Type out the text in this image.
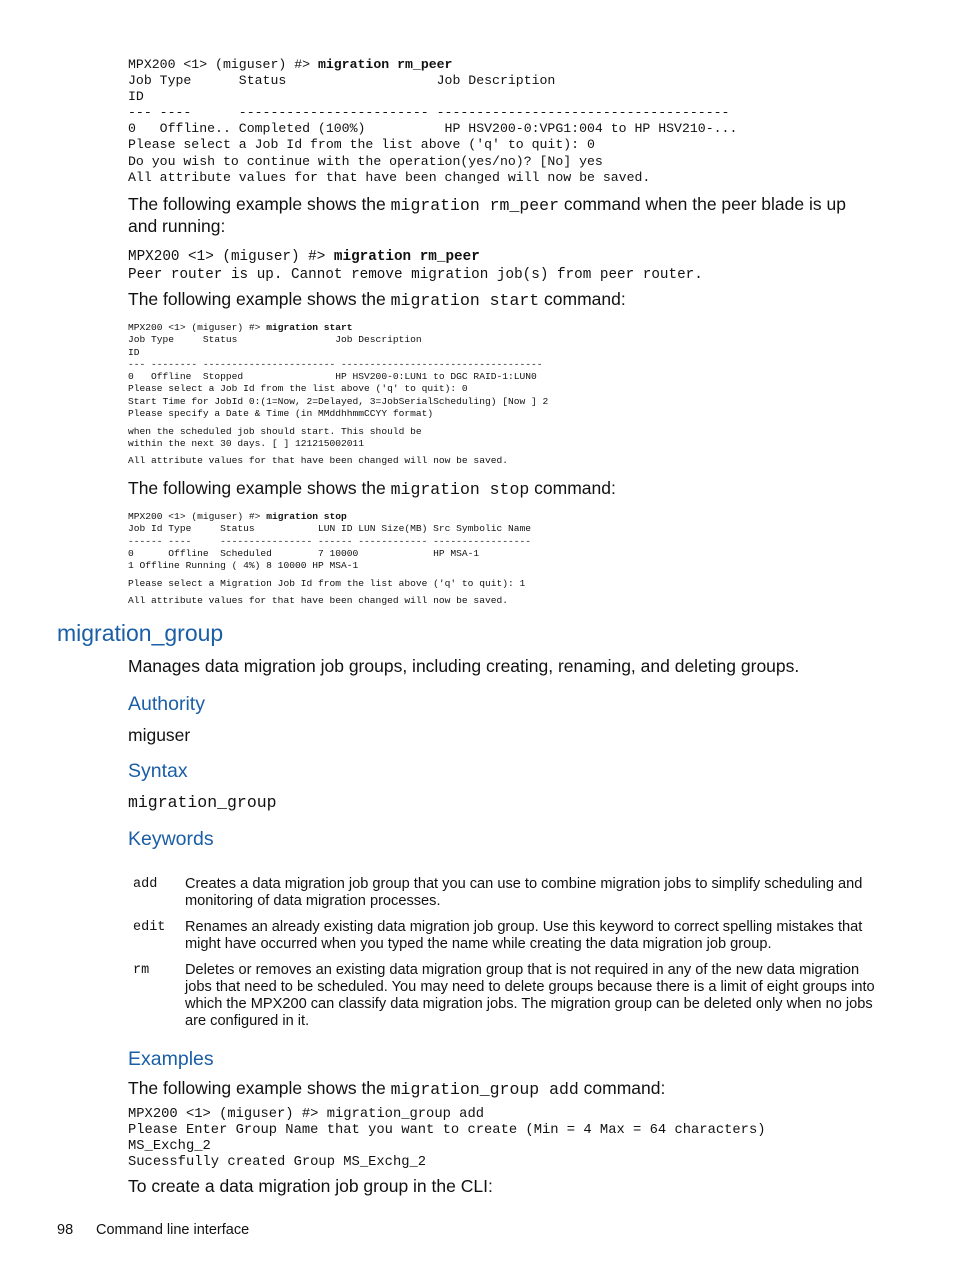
MPX200 <1> (miguser) #> migration rm_peer
Job Type      Status                   Job Description
ID
--- ----      ------------------------ -------------------------------------
0   Offline.. Completed (100%)          HP HSV200-0:VPG1:004 to HP HSV210-...
Please select a Job Id from the list above ('q' to quit): 0
Do you wish to continue with the operation(yes/no)? [No] yes
All attribute values for that have been changed will now be saved.
The following example shows the migration rm_peer command when the peer blade is up
and running:
MPX200 <1> (miguser) #> migration rm_peer
Peer router is up. Cannot remove migration job(s) from peer router.
The following example shows the migration start command:
MPX200 <1> (miguser) #> migration start
Job Type     Status                 Job Description
ID
--- -------- ----------------------- -----------------------------------
0   Offline  Stopped                HP HSV200-0:LUN1 to DGC RAID-1:LUN0
Please select a Job Id from the list above ('q' to quit): 0
Start Time for JobId 0:(1=Now, 2=Delayed, 3=JobSerialScheduling) [Now ] 2
Please specify a Date & Time (in MMddhhmmCCYY format)
when the scheduled job should start. This should be
within the next 30 days. [ ] 121215002011
All attribute values for that have been changed will now be saved.
The following example shows the migration stop command:
MPX200 <1> (miguser) #> migration stop
Job Id Type     Status           LUN ID LUN Size(MB) Src Symbolic Name
------ ----     ---------------- ------ ------------ -----------------
0      Offline  Scheduled        7 10000             HP MSA-1
1 Offline Running ( 4%) 8 10000 HP MSA-1
Please select a Migration Job Id from the list above ('q' to quit): 1
All attribute values for that have been changed will now be saved.
migration_group
Manages data migration job groups, including creating, renaming, and deleting groups.
Authority
miguser
Syntax
migration_group
Keywords
add Creates a data migration job group that you can use to combine migration jobs to simplify scheduling and monitoring of data migration processes.
edit Renames an already existing data migration job group. Use this keyword to correct spelling mistakes that might have occurred when you typed the name while creating the data migration job group.
rm Deletes or removes an existing data migration group that is not required in any of the new data migration jobs that need to be scheduled. You may need to delete groups because there is a limit of eight groups into which the MPX200 can classify data migration jobs. The migration group can be deleted only when no jobs are configured in it.
Examples
The following example shows the migration_group add command:
MPX200 <1> (miguser) #> migration_group add
Please Enter Group Name that you want to create (Min = 4 Max = 64 characters)
MS_Exchg_2
Sucessfully created Group MS_Exchg_2
To create a data migration job group in the CLI:
98 Command line interface
